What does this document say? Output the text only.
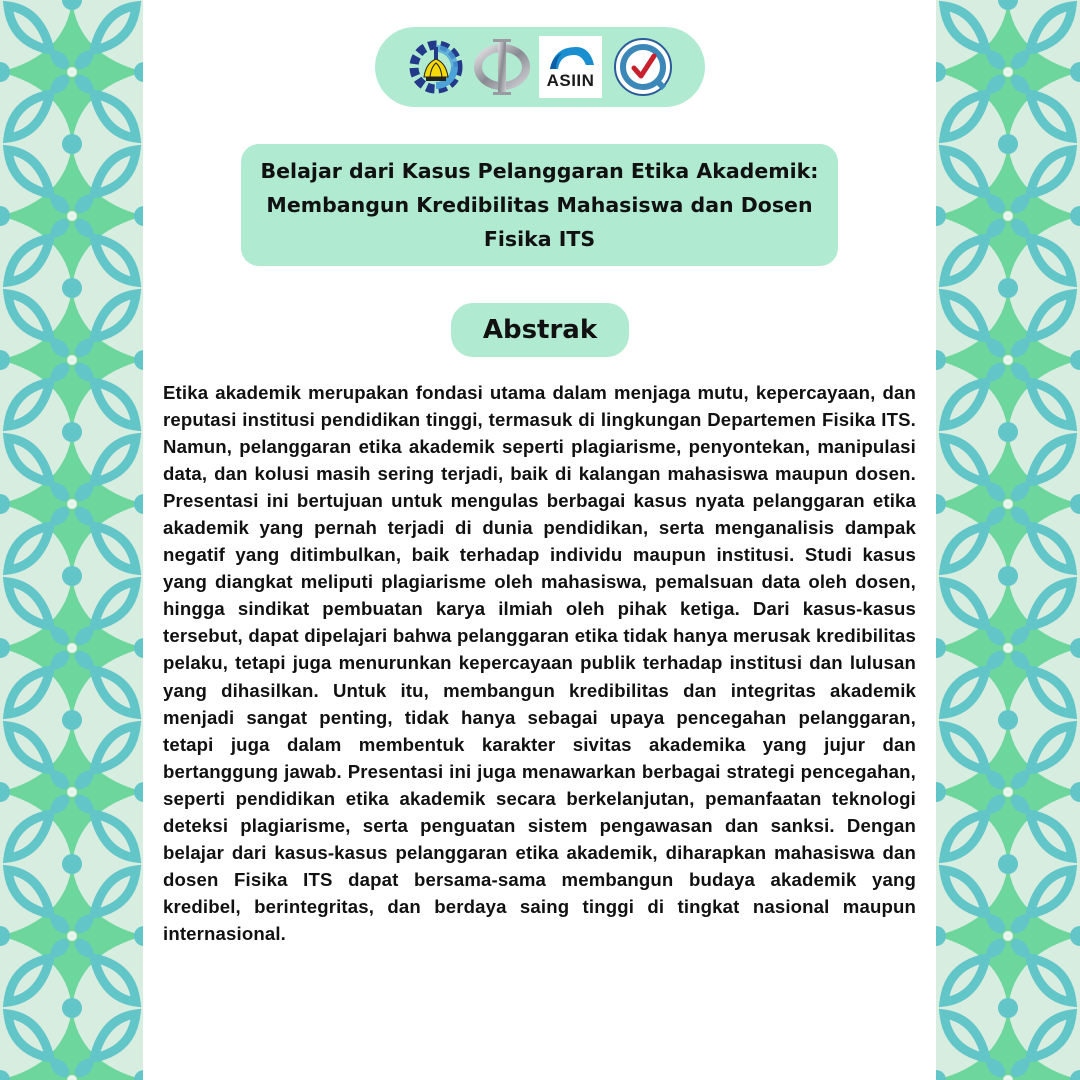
ASIIN
Belajar dari Kasus Pelanggaran Etika Akademik:
Membangun Kredibilitas Mahasiswa dan Dosen
Fisika ITS
Abstrak

Etika akademik merupakan fondasi utama dalam menjaga mutu, kepercayaan, dan reputasi institusi pendidikan tinggi, termasuk di lingkungan Departemen Fisika ITS. Namun, pelanggaran etika akademik seperti plagiarisme, penyontekan, manipulasi data, dan kolusi masih sering terjadi, baik di kalangan mahasiswa maupun dosen. Presentasi ini bertujuan untuk mengulas berbagai kasus nyata pelanggaran etika akademik yang pernah terjadi di dunia pendidikan, serta menganalisis dampak negatif yang ditimbulkan, baik terhadap individu maupun institusi. Studi kasus yang diangkat meliputi plagiarisme oleh mahasiswa, pemalsuan data oleh dosen, hingga sindikat pembuatan karya ilmiah oleh pihak ketiga. Dari kasus-kasus tersebut, dapat dipelajari bahwa pelanggaran etika tidak hanya merusak kredibilitas pelaku, tetapi juga menurunkan kepercayaan publik terhadap institusi dan lulusan yang dihasilkan. Untuk itu, membangun kredibilitas dan integritas akademik menjadi sangat penting, tidak hanya sebagai upaya pencegahan pelanggaran, tetapi juga dalam membentuk karakter sivitas akademika yang jujur dan bertanggung jawab. Presentasi ini juga menawarkan berbagai strategi pencegahan, seperti pendidikan etika akademik secara berkelanjutan, pemanfaatan teknologi deteksi plagiarisme, serta penguatan sistem pengawasan dan sanksi. Dengan belajar dari kasus-kasus pelanggaran etika akademik, diharapkan mahasiswa dan dosen Fisika ITS dapat bersama-sama membangun budaya akademik yang kredibel, berintegritas, dan berdaya saing tinggi di tingkat nasional maupun internasional.
